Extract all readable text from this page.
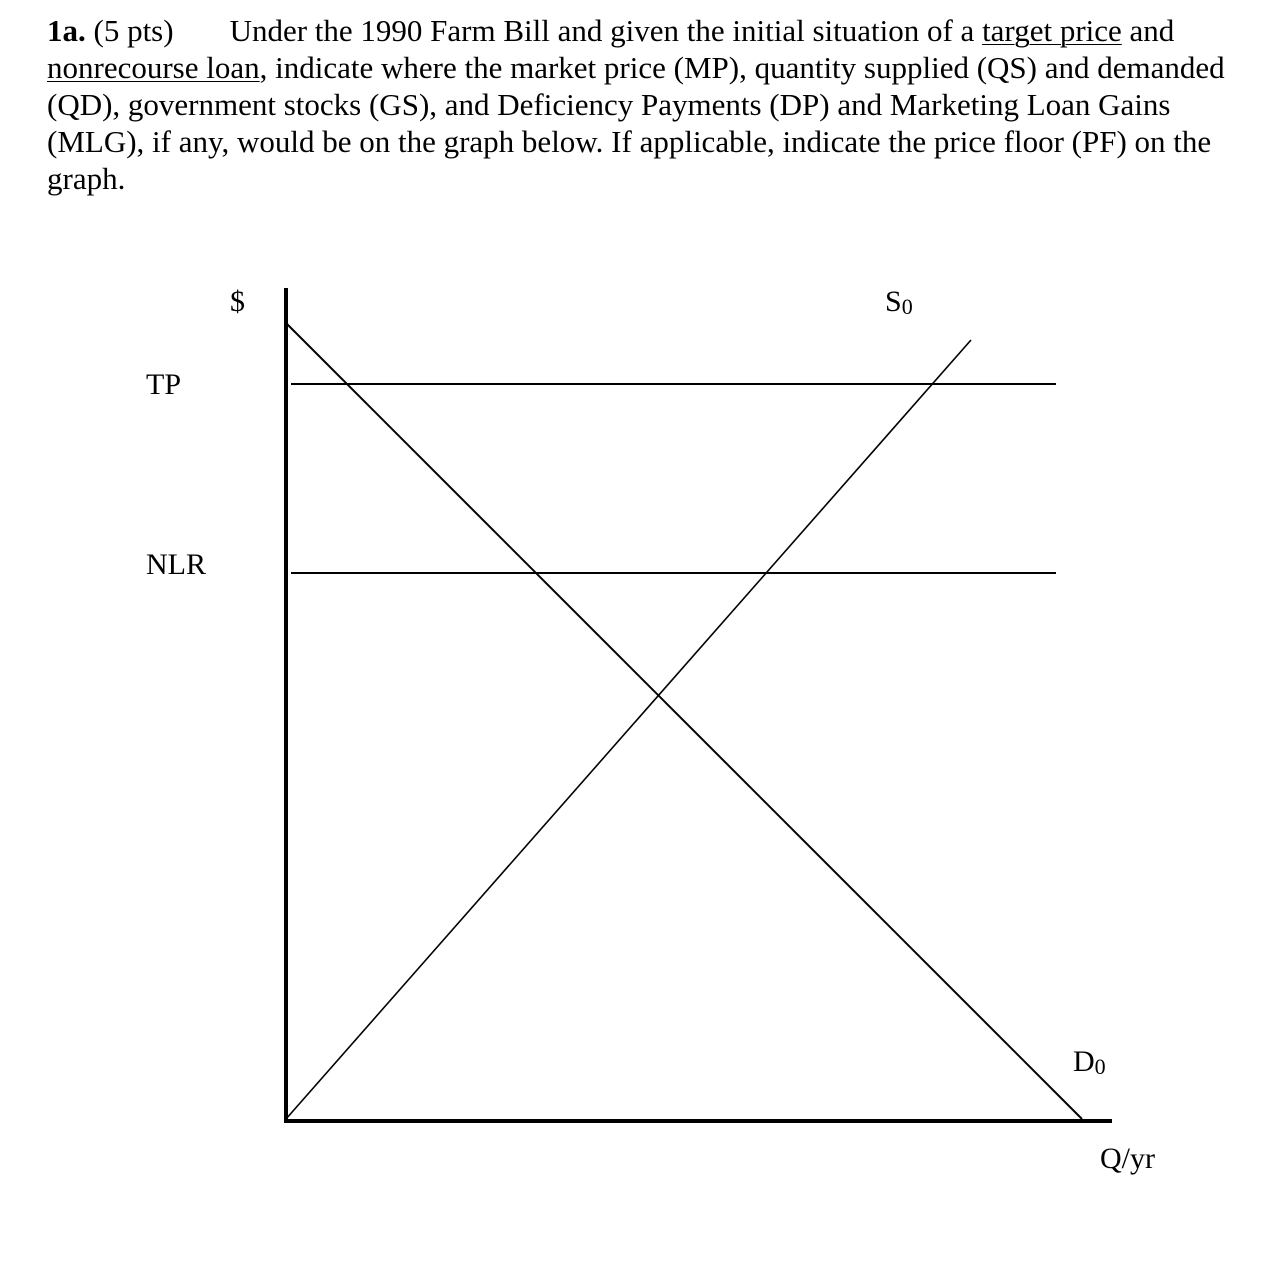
1a. (5 pts) Under the 1990 Farm Bill and given the initial situation of a target price and nonrecourse loan, indicate where the market price (MP), quantity supplied (QS) and demanded (QD), government stocks (GS), and Deficiency Payments (DP) and Marketing Loan Gains (MLG), if any, would be on the graph below. If applicable, indicate the price floor (PF) on the graph.

$
TP
NLR
S0
D0
Q/yr
